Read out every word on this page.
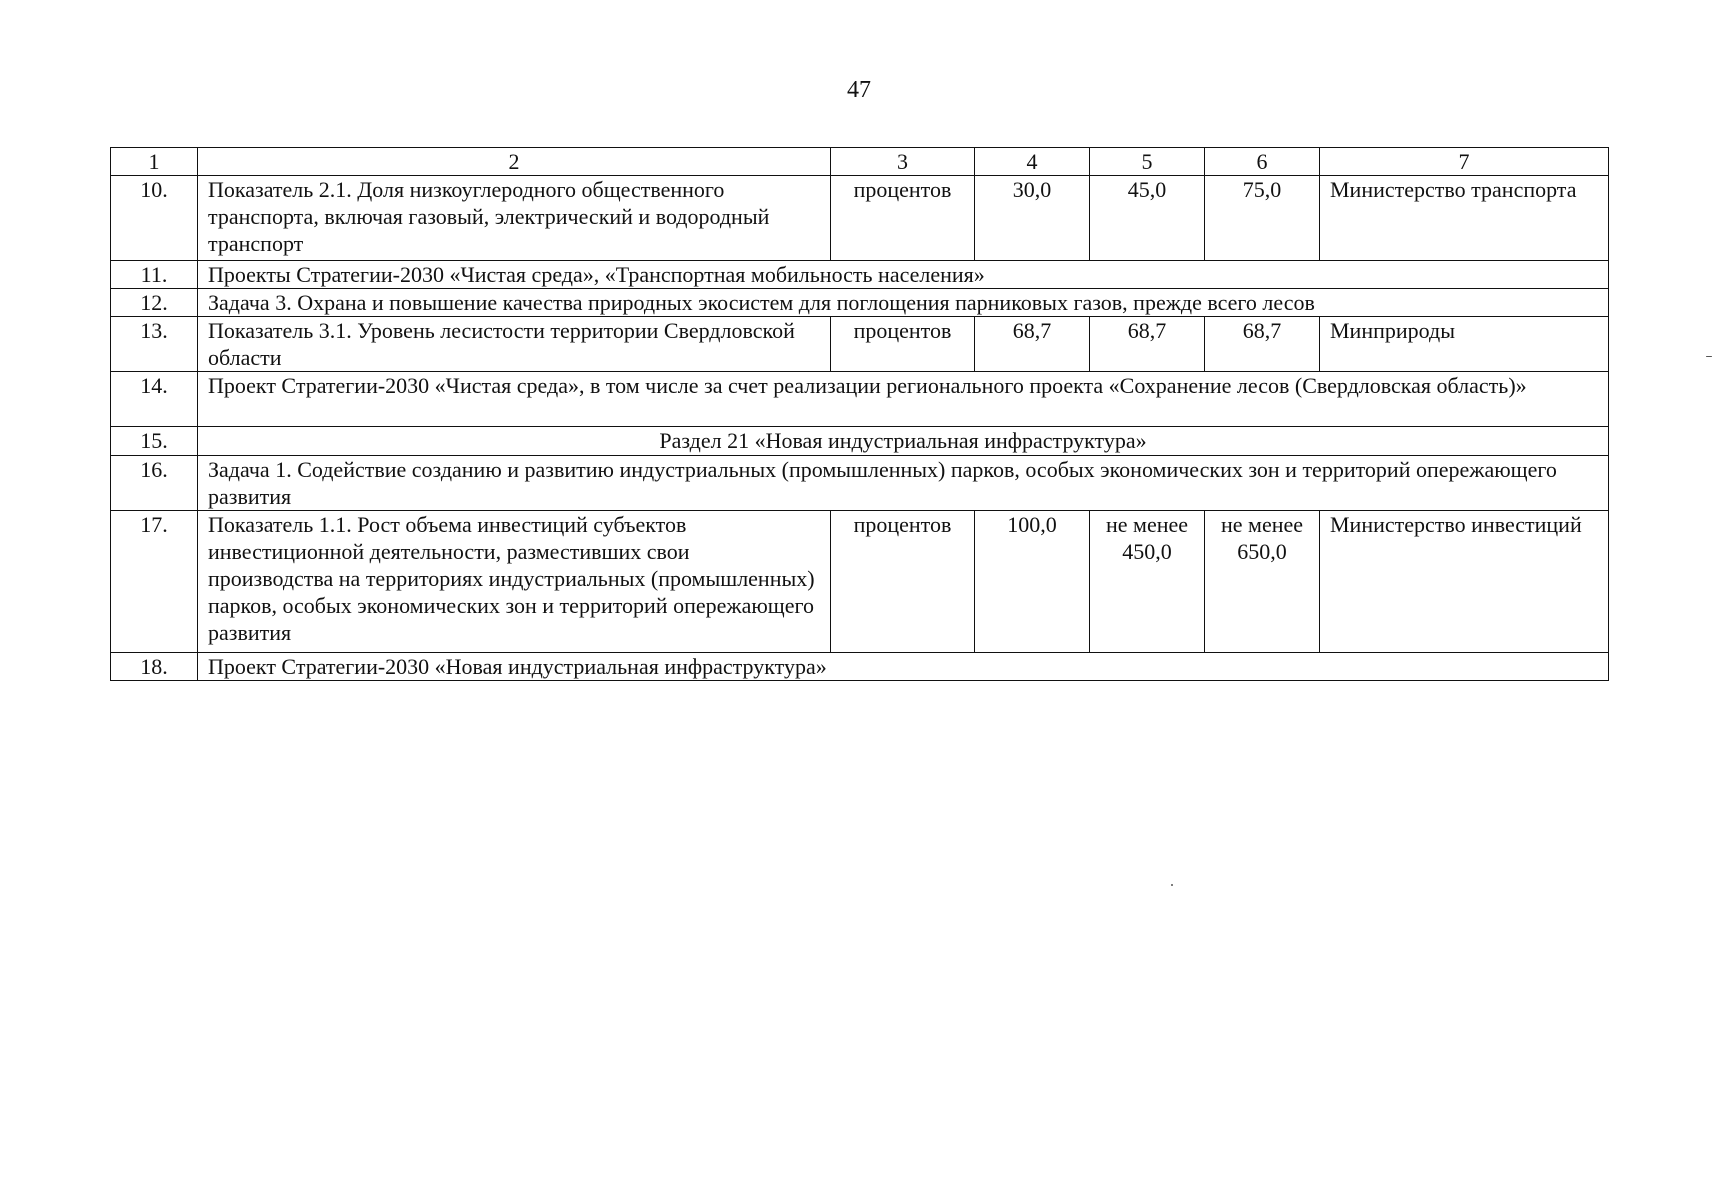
47
1	2	3	4	5	6	7
10.	Показатель 2.1. Доля низкоуглеродного общественного транспорта, включая газовый, электрический и водородный транспорт	процентов	30,0	45,0	75,0	Министерство транспорта
11.	Проекты Стратегии-2030 «Чистая среда», «Транспортная мобильность населения»					
12.	Задача 3. Охрана и повышение качества природных экосистем для поглощения парниковых газов, прежде всего лесов					
13.	Показатель 3.1. Уровень лесистости территории Свердловской области	процентов	68,7	68,7	68,7	Минприроды
14.	Проект Стратегии-2030 «Чистая среда», в том числе за счет реализации регионального проекта «Сохранение лесов (Свердловская область)»					
15.	Раздел 21 «Новая индустриальная инфраструктура»					
16.	Задача 1. Содействие созданию и развитию индустриальных (промышленных) парков, особых экономических зон и территорий опережающего развития					
17.	Показатель 1.1. Рост объема инвестиций субъектов инвестиционной деятельности, разместивших свои производства на территориях индустриальных (промышленных) парков, особых экономических зон и территорий опережающего развития	процентов	100,0	не менее 450,0	не менее 650,0	Министерство инвестиций
18.	Проект Стратегии-2030 «Новая индустриальная инфраструктура»					
